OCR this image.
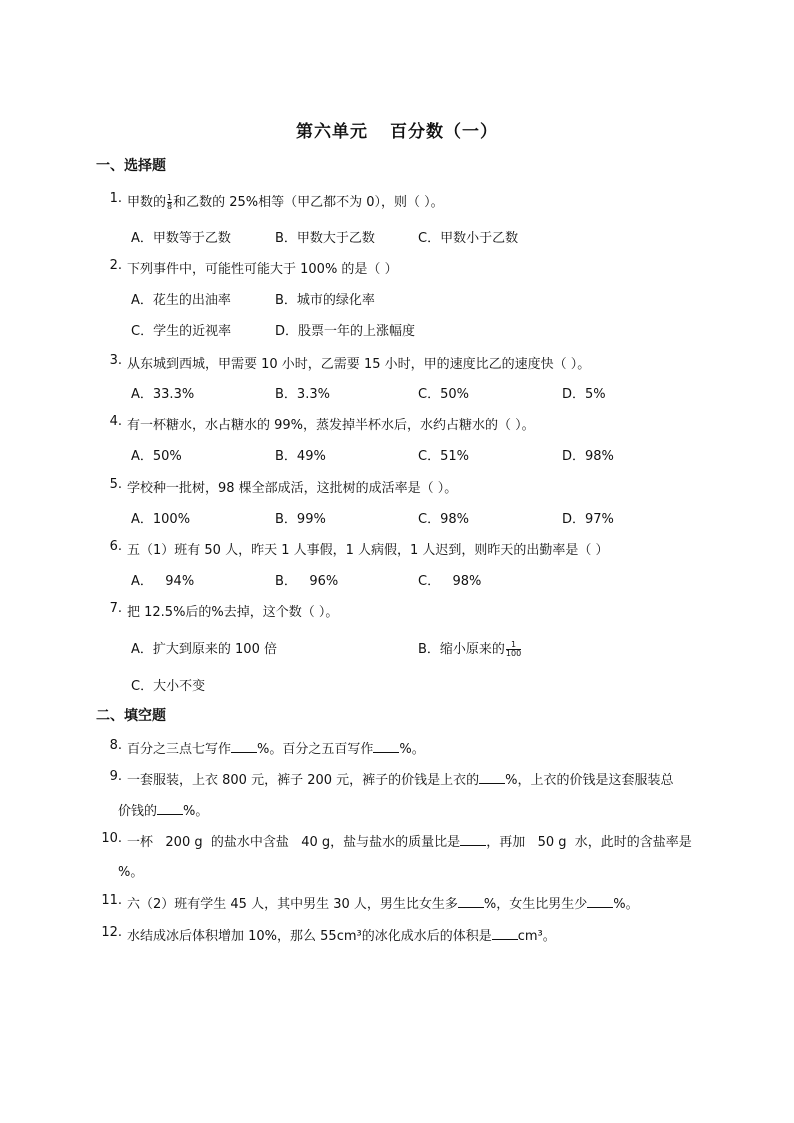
第六单元 百分数（一）
一、选择题
1. 甲数的 $\frac{1}{8}$ 和乙数的 25%相等（甲乙都不为 0），则（ ）。
A．甲数等于乙数	B．甲数大于乙数	C．甲数小于乙数
2. 下列事件中，可能性可能大于 100% 的是（ ）
A．花生的出油率	B．城市的绿化率
C．学生的近视率	D．股票一年的上涨幅度
3. 从东城到西城，甲需要 10 小时，乙需要 15 小时，甲的速度比乙的速度快（ ）。
A．33.3%	B．3.3%	C．50%	D．5%
4. 有一杯糖水，水占糖水的 99%，蒸发掉半杯水后，水约占糖水的（ ）。
A．50%	B．49%	C．51%	D．98%
5. 学校种一批树，98 棵全部成活，这批树的成活率是（ ）。
A．100%	B．99%	C．98%	D．97%
6. 五（1）班有 50 人，昨天 1 人事假，1 人病假，1 人迟到，则昨天的出勤率是（ ）
A．   94%	B．   96%	C．   98%
7. 把 12.5%后的%去掉，这个数（ ）。
A．扩大到原来的 100 倍	B．缩小原来的 $\frac{1}{100}$
C．大小不变
二、填空题
8. 百分之三点七写作 %。百分之五百写作 %。
9. 一套服装，上衣 800 元，裤子 200 元，裤子的价钱是上衣的 %，上衣的价钱是这套服装总
价钱的 %。
10. 一杯   200 g  的盐水中含盐   40 g，盐与盐水的质量比是 ，再加   50 g  水，此时的含盐率是
%。
11. 六（2）班有学生 45 人，其中男生 30 人，男生比女生多 %，女生比男生少 %。
12. 水结成冰后体积增加 10%，那么 55cm³的冰化成水后的体积是 cm³。
